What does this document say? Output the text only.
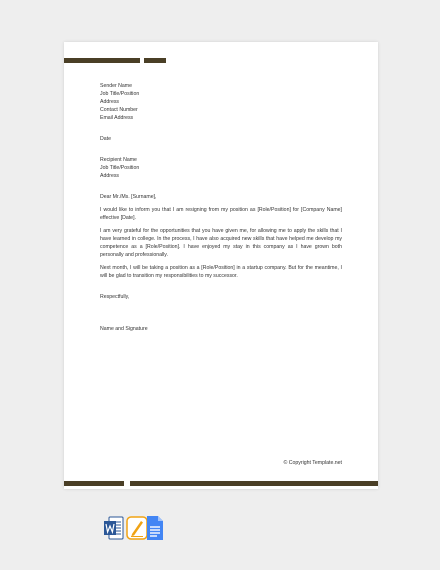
Sender Name
Job Title/Position
Address
Contact Number
Email Address
Date
Recipient Name
Job Title/Position
Address
Dear Mr./Ms. [Surname],

I would like to inform you that I am resigning from my position as [Role/Position] for [Company Name] effective [Date].

I am very grateful for the opportunities that you have given me, for allowing me to apply the skills that I have learned in college. In the process, I have also acquired new skills that have helped me develop my competence as a [Role/Position]. I have enjoyed my stay in this company as I have grown both personally and professionally.

Next month, I will be taking a position as a [Role/Position] in a startup company. But for the meantime, I will be glad to transition my responsibilities to my successor.

Respectfully,
Name and Signature
© Copyright Template.net
